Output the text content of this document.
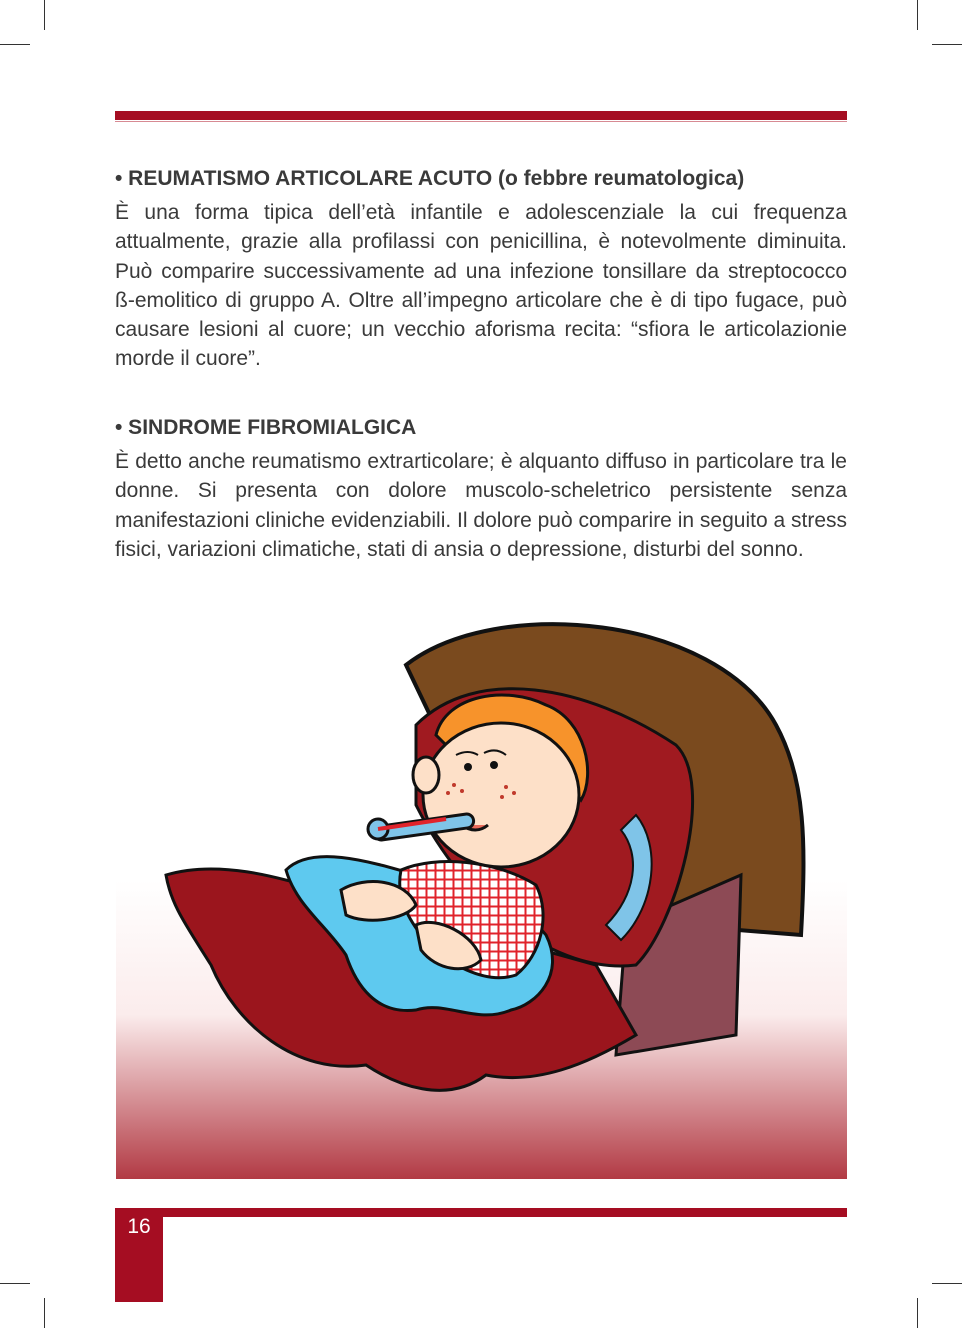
• REUMATISMO ARTICOLARE ACUTO (o febbre reumatologica)

È una forma tipica dell’età infantile e adolescenziale la cui frequenza attualmente, grazie alla profilassi con penicillina, è notevolmente diminuita. Può comparire successivamente ad una infezione tonsillare da streptococco ß-emolitico di gruppo A. Oltre all’impegno articolare che è di tipo fugace, può causare lesioni al cuore; un vecchio aforisma recita: “sfiora le articolazionie morde il cuore”.

• SINDROME FIBROMIALGICA

È detto anche reumatismo extrarticolare; è alquanto diffuso in particolare tra le donne. Si presenta con dolore muscolo-scheletrico persistente senza manifestazioni cliniche evidenziabili. Il dolore può comparire in seguito a stress fisici, variazioni climatiche, stati di ansia o depressione, disturbi del sonno.

16
